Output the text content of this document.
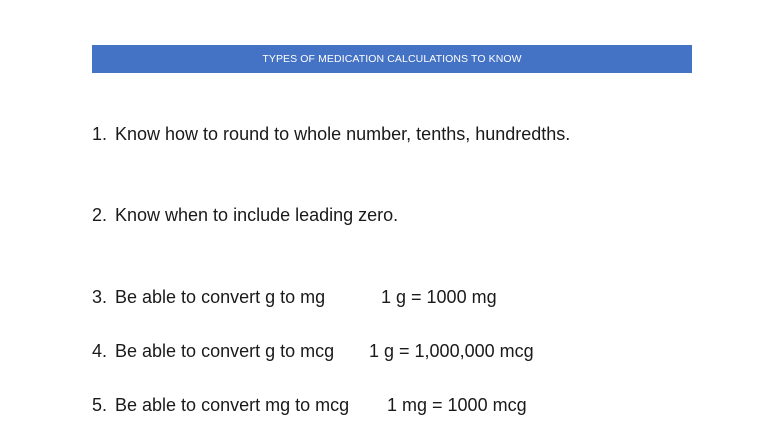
TYPES OF MEDICATION CALCULATIONS TO KNOW
1. Know how to round to whole number, tenths, hundredths.
2. Know when to include leading zero.
3. Be able to convert g to mg	1 g = 1000 mg
4. Be able to convert g to mcg 1 g = 1,000,000 mcg
5. Be able to convert mg to mcg 1 mg = 1000 mcg
